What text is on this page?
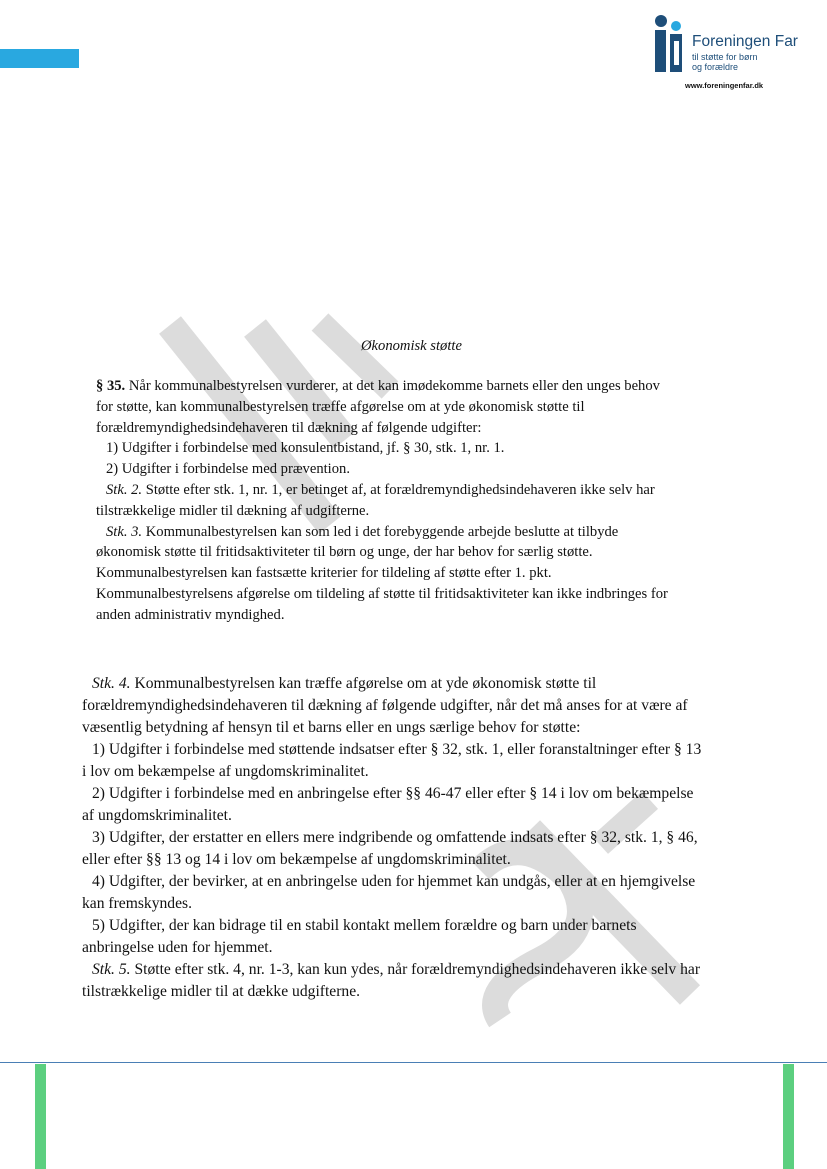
Foreningen Far
til støtte for børn
og forældre
www.foreningenfar.dk
Økonomisk støtte
§ 35. Når kommunalbestyrelsen vurderer, at det kan imødekomme barnets eller den unges behov
for støtte, kan kommunalbestyrelsen træffe afgørelse om at yde økonomisk støtte til
forældremyndighedsindehaveren til dækning af følgende udgifter:
1) Udgifter i forbindelse med konsulentbistand, jf. § 30, stk. 1, nr. 1.
2) Udgifter i forbindelse med prævention.
Stk. 2. Støtte efter stk. 1, nr. 1, er betinget af, at forældremyndighedsindehaveren ikke selv har
tilstrækkelige midler til dækning af udgifterne.
Stk. 3. Kommunalbestyrelsen kan som led i det forebyggende arbejde beslutte at tilbyde
økonomisk støtte til fritidsaktiviteter til børn og unge, der har behov for særlig støtte.
Kommunalbestyrelsen kan fastsætte kriterier for tildeling af støtte efter 1. pkt.
Kommunalbestyrelsens afgørelse om tildeling af støtte til fritidsaktiviteter kan ikke indbringes for
anden administrativ myndighed.
Stk. 4. Kommunalbestyrelsen kan træffe afgørelse om at yde økonomisk støtte til
forældremyndighedsindehaveren til dækning af følgende udgifter, når det må anses for at være af
væsentlig betydning af hensyn til et barns eller en ungs særlige behov for støtte:
1) Udgifter i forbindelse med støttende indsatser efter § 32, stk. 1, eller foranstaltninger efter § 13
i lov om bekæmpelse af ungdomskriminalitet.
2) Udgifter i forbindelse med en anbringelse efter §§ 46-47 eller efter § 14 i lov om bekæmpelse
af ungdomskriminalitet.
3) Udgifter, der erstatter en ellers mere indgribende og omfattende indsats efter § 32, stk. 1, § 46,
eller efter §§ 13 og 14 i lov om bekæmpelse af ungdomskriminalitet.
4) Udgifter, der bevirker, at en anbringelse uden for hjemmet kan undgås, eller at en hjemgivelse
kan fremskyndes.
5) Udgifter, der kan bidrage til en stabil kontakt mellem forældre og barn under barnets
anbringelse uden for hjemmet.
Stk. 5. Støtte efter stk. 4, nr. 1-3, kan kun ydes, når forældremyndighedsindehaveren ikke selv har
tilstrækkelige midler til at dække udgifterne.
